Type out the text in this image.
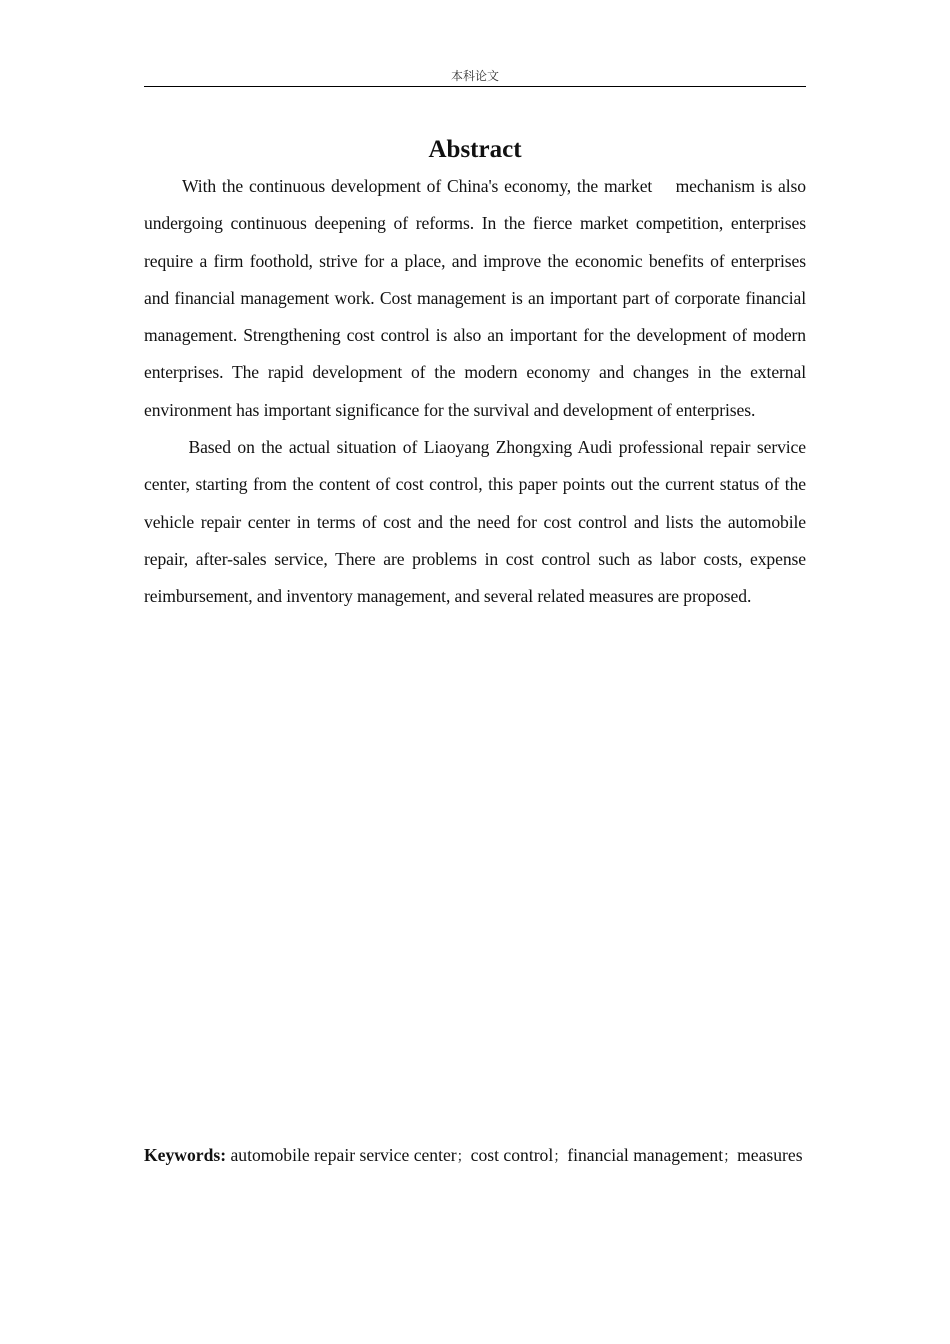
本科论文
Abstract

With the continuous development of China's economy, the market    mechanism is also undergoing continuous deepening of reforms. In the fierce market competition, enterprises require a firm foothold, strive for a place, and improve the economic benefits of enterprises and financial management work. Cost management is an important part of corporate financial management. Strengthening cost control is also an important for the development of modern enterprises. The rapid development of the modern economy and changes in the external environment has important significance for the survival and development of enterprises.

Based on the actual situation of Liaoyang Zhongxing Audi professional repair service center, starting from the content of cost control, this paper points out the current status of the vehicle repair center in terms of cost and the need for cost control and lists the automobile repair, after-sales service, There are problems in cost control such as labor costs, expense reimbursement, and inventory management, and several related measures are proposed.

Keywords: automobile repair service center；cost control；financial management；measures
